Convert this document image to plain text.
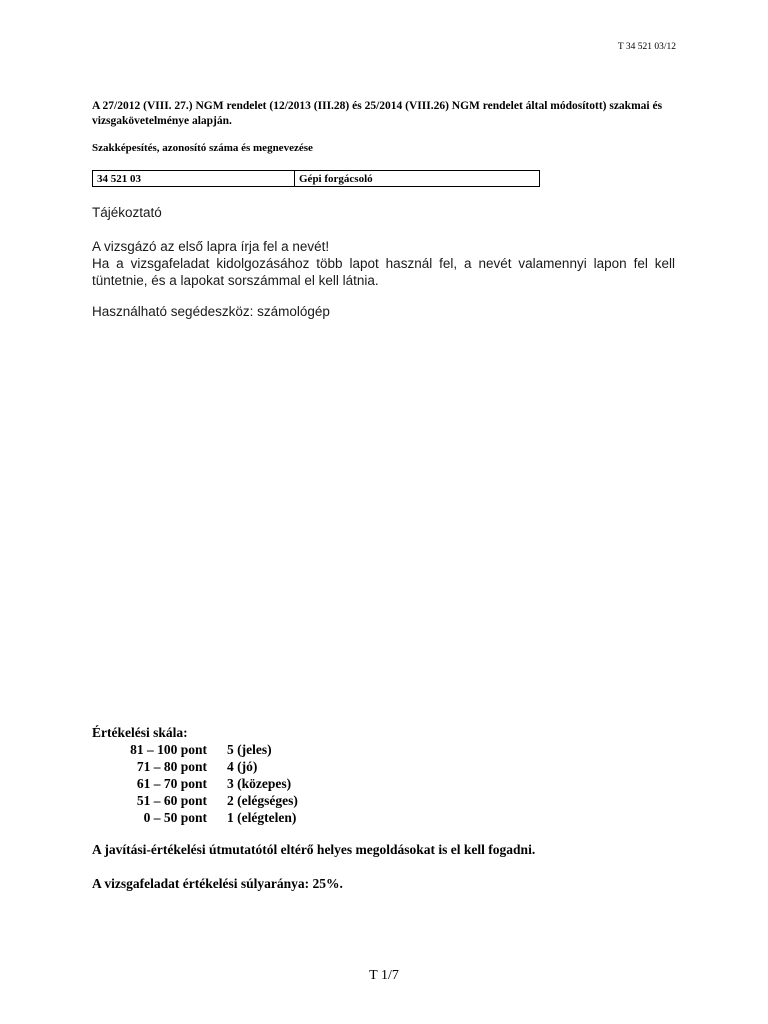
T 34 521 03/12
A 27/2012 (VIII. 27.) NGM rendelet (12/2013 (III.28) és 25/2014 (VIII.26) NGM rendelet által módosított) szakmai és vizsgakövetelménye alapján.
Szakképesítés, azonosító száma és megnevezése
34 521 03	Gépi forgácsoló
Tájékoztató

A vizsgázó az első lapra írja fel a nevét!

Ha a vizsgafeladat kidolgozásához több lapot használ fel, a nevét valamennyi lapon fel kell tüntetnie, és a lapokat sorszámmal el kell látnia.

Használható segédeszköz: számológép
Értékelési skála:
81 – 100 pont	5 (jeles)
71 – 80 pont	4 (jó)
61 – 70 pont	3 (közepes)
51 – 60 pont	2 (elégséges)
0 – 50 pont	1 (elégtelen)
A javítási-értékelési útmutatótól eltérő helyes megoldásokat is el kell fogadni.
A vizsgafeladat értékelési súlyaránya: 25%.
T 1/7
